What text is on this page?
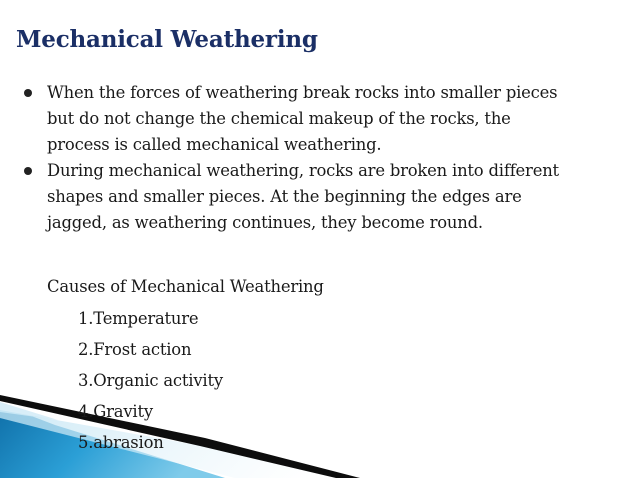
Mechanical Weathering
When the forces of weathering break rocks into smaller pieces
but do not change the chemical makeup of the rocks, the
process is called mechanical weathering.
During mechanical weathering, rocks are broken into different
shapes and smaller pieces. At the beginning the edges are
jagged, as weathering continues, they become round.
Causes of Mechanical Weathering
1.Temperature
2.Frost action
3.Organic activity
4.Gravity
5.abrasion
